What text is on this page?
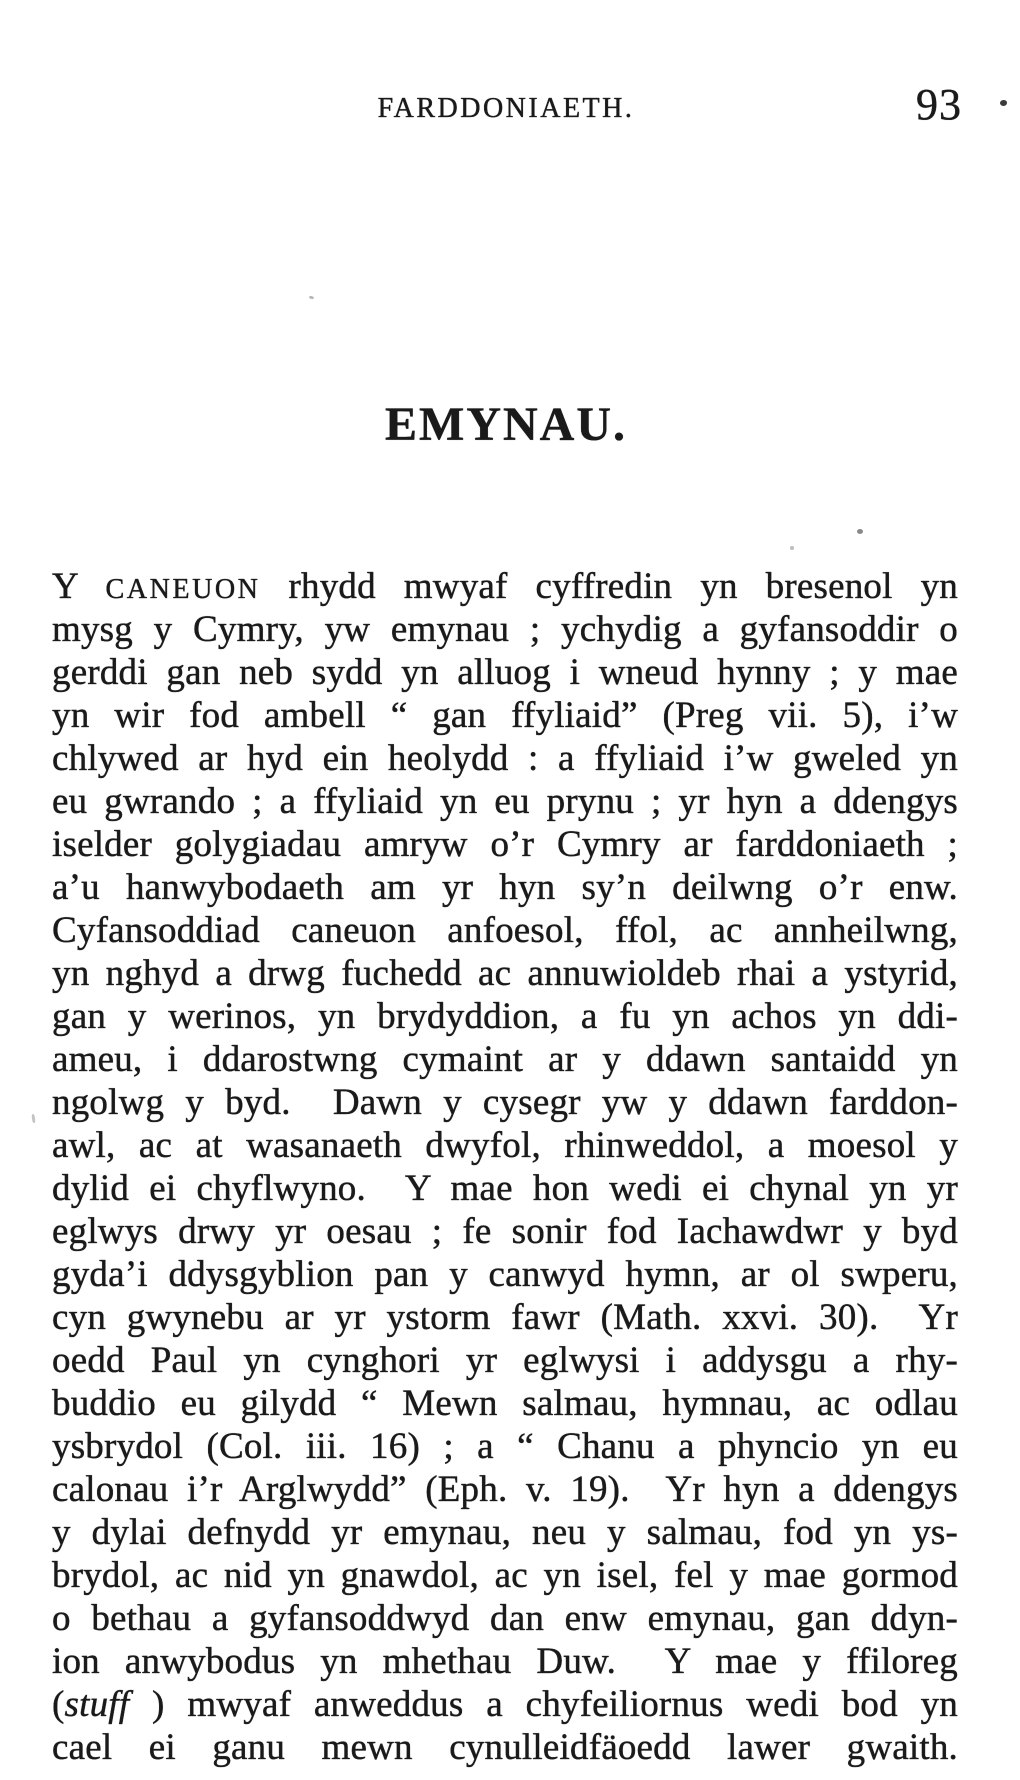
FARDDONIAETH.	93
EMYNAU.
Y CANEUON rhydd mwyaf cyffredin yn bresenol yn
mysg y Cymry, yw emynau ; ychydig a gyfansoddir o
gerddi gan neb sydd yn alluog i wneud hynny ; y mae
yn wir fod ambell “ gan ffyliaid” (Preg vii. 5), i’w
chlywed ar hyd ein heolydd : a ffyliaid i’w gweled yn
eu gwrando ; a ffyliaid yn eu prynu ; yr hyn a ddengys
iselder golygiadau amryw o’r Cymry ar farddoniaeth ;
a’u hanwybodaeth am yr hyn sy’n deilwng o’r enw.
Cyfansoddiad caneuon anfoesol, ffol, ac annheilwng,
yn nghyd a drwg fuchedd ac annuwioldeb rhai a ystyrid,
gan y werinos, yn brydyddion, a fu yn achos yn ddi-
ameu, i ddarostwng cymaint ar y ddawn santaidd yn
ngolwg y byd.  Dawn y cysegr yw y ddawn farddon-
awl, ac at wasanaeth dwyfol, rhinweddol, a moesol y
dylid ei chyflwyno.  Y mae hon wedi ei chynal yn yr
eglwys drwy yr oesau ; fe sonir fod Iachawdwr y byd
gyda’i ddysgyblion pan y canwyd hymn, ar ol swperu,
cyn gwynebu ar yr ystorm fawr (Math. xxvi. 30).  Yr
oedd Paul yn cynghori yr eglwysi i addysgu a rhy-
buddio eu gilydd “ Mewn salmau, hymnau, ac odlau
ysbrydol (Col. iii. 16) ; a “ Chanu a phyncio yn eu
calonau i’r Arglwydd” (Eph. v. 19).  Yr hyn a ddengys
y dylai defnydd yr emynau, neu y salmau, fod yn ys-
brydol, ac nid yn gnawdol, ac yn isel, fel y mae gormod
o bethau a gyfansoddwyd dan enw emynau, gan ddyn-
ion anwybodus yn mhethau Duw.  Y mae y ffiloreg
(stuff ) mwyaf anweddus a chyfeiliornus wedi bod yn
cael ei ganu mewn cynulleidfäoedd lawer gwaith.
